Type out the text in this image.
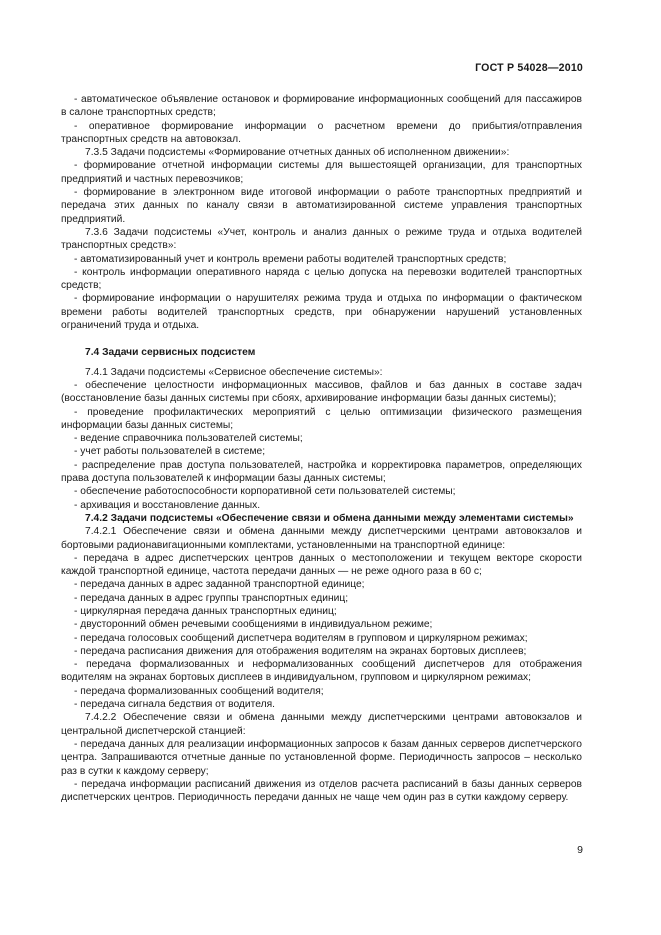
ГОСТ Р 54028—2010

- автоматическое объявление остановок и формирование информационных сообщений для пассажиров в салоне транспортных средств;

- оперативное формирование информации о расчетном времени до прибытия/отправления транспортных средств на автовокзал.

7.3.5 Задачи подсистемы «Формирование отчетных данных об исполненном движении»:

- формирование отчетной информации системы для вышестоящей организации, для транспортных предприятий и частных перевозчиков;

- формирование в электронном виде итоговой информации о работе транспортных предприятий и передача этих данных по каналу связи в автоматизированной системе управления транспортных предприятий.

7.3.6 Задачи подсистемы «Учет, контроль и анализ данных о режиме труда и отдыха водителей транспортных средств»:

- автоматизированный учет и контроль времени работы водителей транспортных средств;

- контроль информации оперативного наряда с целью допуска на перевозки водителей транспортных средств;

- формирование информации о нарушителях режима труда и отдыха по информации о фактическом времени работы водителей транспортных средств, при обнаружении нарушений установленных ограничений труда и отдыха.

7.4 Задачи сервисных подсистем

7.4.1 Задачи подсистемы «Сервисное обеспечение системы»:

- обеспечение целостности информационных массивов, файлов и баз данных в составе задач (восстановление базы данных системы при сбоях, архивирование информации базы данных системы);

- проведение профилактических мероприятий с целью оптимизации физического размещения информации базы данных системы;

- ведение справочника пользователей системы;

- учет работы пользователей в системе;

- распределение прав доступа пользователей, настройка и корректировка параметров, определяющих права доступа пользователей к информации базы данных системы;

- обеспечение работоспособности корпоративной сети пользователей системы;

- архивация и восстановление данных.

7.4.2 Задачи подсистемы «Обеспечение связи и обмена данными между элементами системы»

7.4.2.1 Обеспечение связи и обмена данными между диспетчерскими центрами автовокзалов и бортовыми радионавигационными комплектами, установленными на транспортной единице:

- передача в адрес диспетчерских центров данных о местоположении и текущем векторе скорости каждой транспортной единице, частота передачи данных — не реже одного раза в 60 с;

- передача данных в адрес заданной транспортной единице;

- передача данных в адрес группы транспортных единиц;

- циркулярная передача данных транспортных единиц;

- двусторонний обмен речевыми сообщениями в индивидуальном режиме;

- передача голосовых сообщений диспетчера водителям в групповом и циркулярном режимах;

- передача расписания движения для отображения водителям на экранах бортовых дисплеев;

- передача формализованных и неформализованных сообщений диспетчеров для отображения водителям на экранах бортовых дисплеев в индивидуальном, групповом и циркулярном режимах;

- передача формализованных сообщений водителя;

- передача сигнала бедствия от водителя.

7.4.2.2 Обеспечение связи и обмена данными между диспетчерскими центрами автовокзалов и центральной диспетчерской станцией:

- передача данных для реализации информационных запросов к базам данных серверов диспетчерского центра. Запрашиваются отчетные данные по установленной форме. Периодичность запросов – несколько раз в сутки к каждому серверу;

- передача информации расписаний движения из отделов расчета расписаний в базы данных серверов диспетчерских центров. Периодичность передачи данных не чаще чем один раз в сутки каждому серверу.

9
